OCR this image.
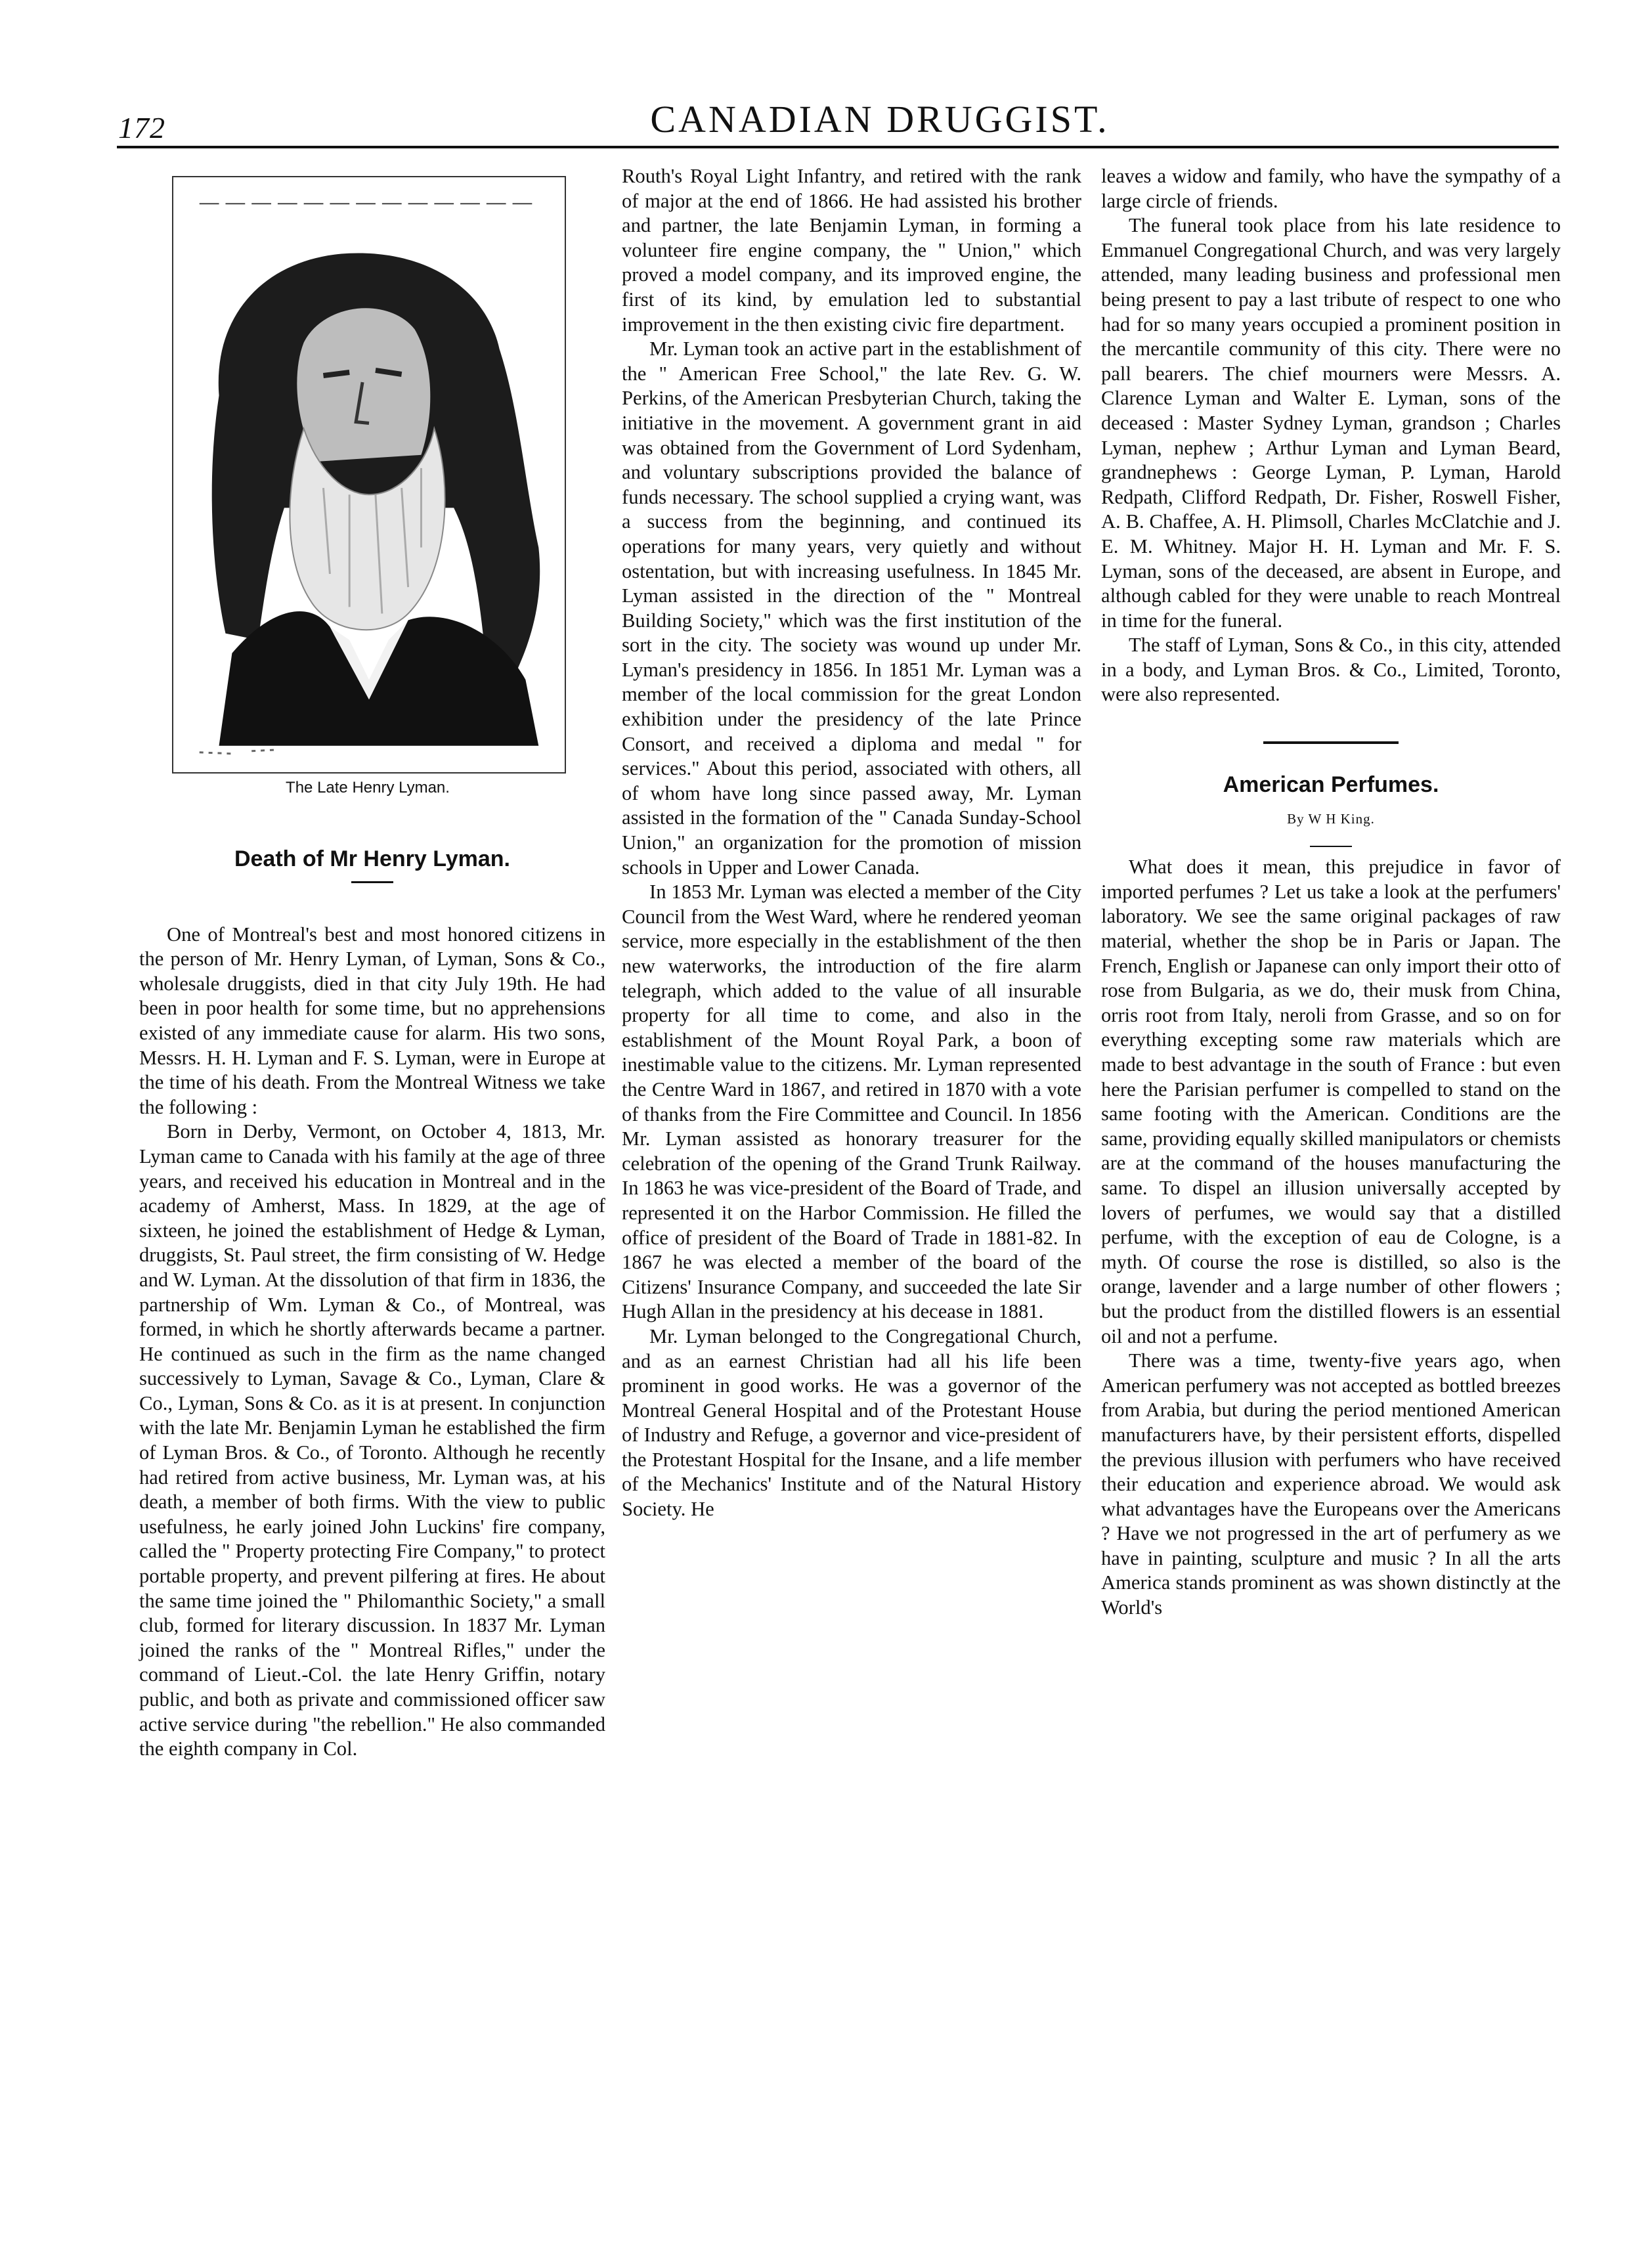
172	CANADIAN DRUGGIST.
The Late Henry Lyman.
Death of Mr Henry Lyman.

One of Montreal's best and most honored citizens in the person of Mr. Henry Lyman, of Lyman, Sons & Co., wholesale druggists, died in that city July 19th. He had been in poor health for some time, but no apprehensions existed of any immediate cause for alarm. His two sons, Messrs. H. H. Lyman and F. S. Lyman, were in Europe at the time of his death. From the Montreal Witness we take the following :

Born in Derby, Vermont, on October 4, 1813, Mr. Lyman came to Canada with his family at the age of three years, and received his education in Montreal and in the academy of Amherst, Mass. In 1829, at the age of sixteen, he joined the establishment of Hedge & Lyman, druggists, St. Paul street, the firm consisting of W. Hedge and W. Lyman. At the dissolution of that firm in 1836, the partnership of Wm. Lyman & Co., of Montreal, was formed, in which he shortly afterwards became a partner. He continued as such in the firm as the name changed successively to Lyman, Savage & Co., Lyman, Clare & Co., Lyman, Sons & Co. as it is at present. In conjunction with the late Mr. Benjamin Lyman he established the firm of Lyman Bros. & Co., of Toronto. Although he recently had retired from active business, Mr. Lyman was, at his death, a member of both firms. With the view to public usefulness, he early joined John Luckins' fire company, called the " Property protecting Fire Company," to protect portable property, and prevent pilfering at fires. He about the same time joined the " Philomanthic Society," a small club, formed for literary discussion. In 1837 Mr. Lyman joined the ranks of the " Montreal Rifles," under the command of Lieut.-Col. the late Henry Griffin, notary public, and both as private and commissioned officer saw active service during "the rebellion." He also commanded the eighth company in Col.

Routh's Royal Light Infantry, and retired with the rank of major at the end of 1866. He had assisted his brother and partner, the late Benjamin Lyman, in forming a volunteer fire engine company, the " Union," which proved a model company, and its improved engine, the first of its kind, by emulation led to substantial improvement in the then existing civic fire department.

Mr. Lyman took an active part in the establishment of the " American Free School," the late Rev. G. W. Perkins, of the American Presbyterian Church, taking the initiative in the movement. A government grant in aid was obtained from the Government of Lord Sydenham, and voluntary subscriptions provided the balance of funds necessary. The school supplied a crying want, was a success from the beginning, and continued its operations for many years, very quietly and without ostentation, but with increasing usefulness. In 1845 Mr. Lyman assisted in the direction of the " Montreal Building Society," which was the first institution of the sort in the city. The society was wound up under Mr. Lyman's presidency in 1856. In 1851 Mr. Lyman was a member of the local commission for the great London exhibition under the presidency of the late Prince Consort, and received a diploma and medal " for services." About this period, associated with others, all of whom have long since passed away, Mr. Lyman assisted in the formation of the " Canada Sunday-School Union," an organization for the promotion of mission schools in Upper and Lower Canada.

In 1853 Mr. Lyman was elected a member of the City Council from the West Ward, where he rendered yeoman service, more especially in the establishment of the then new waterworks, the introduction of the fire alarm telegraph, which added to the value of all insurable property for all time to come, and also in the establishment of the Mount Royal Park, a boon of inestimable value to the citizens. Mr. Lyman represented the Centre Ward in 1867, and retired in 1870 with a vote of thanks from the Fire Committee and Council. In 1856 Mr. Lyman assisted as honorary treasurer for the celebration of the opening of the Grand Trunk Railway. In 1863 he was vice-president of the Board of Trade, and represented it on the Harbor Commission. He filled the office of president of the Board of Trade in 1881-82. In 1867 he was elected a member of the board of the Citizens' Insurance Company, and succeeded the late Sir Hugh Allan in the presidency at his decease in 1881.

Mr. Lyman belonged to the Congregational Church, and as an earnest Christian had all his life been prominent in good works. He was a governor of the Montreal General Hospital and of the Protestant House of Industry and Refuge, a governor and vice-president of the Protestant Hospital for the Insane, and a life member of the Mechanics' Institute and of the Natural History Society. He

leaves a widow and family, who have the sympathy of a large circle of friends.

The funeral took place from his late residence to Emmanuel Congregational Church, and was very largely attended, many leading business and professional men being present to pay a last tribute of respect to one who had for so many years occupied a prominent position in the mercantile community of this city. There were no pall bearers. The chief mourners were Messrs. A. Clarence Lyman and Walter E. Lyman, sons of the deceased : Master Sydney Lyman, grandson ; Charles Lyman, nephew ; Arthur Lyman and Lyman Beard, grandnephews : George Lyman, P. Lyman, Harold Redpath, Clifford Redpath, Dr. Fisher, Roswell Fisher, A. B. Chaffee, A. H. Plimsoll, Charles McClatchie and J. E. M. Whitney. Major H. H. Lyman and Mr. F. S. Lyman, sons of the deceased, are absent in Europe, and although cabled for they were unable to reach Montreal in time for the funeral.

The staff of Lyman, Sons & Co., in this city, attended in a body, and Lyman Bros. & Co., Limited, Toronto, were also represented.

American Perfumes.
By W H King.

What does it mean, this prejudice in favor of imported perfumes ? Let us take a look at the perfumers' laboratory. We see the same original packages of raw material, whether the shop be in Paris or Japan. The French, English or Japanese can only import their otto of rose from Bulgaria, as we do, their musk from China, orris root from Italy, neroli from Grasse, and so on for everything excepting some raw materials which are made to best advantage in the south of France : but even here the Parisian perfumer is compelled to stand on the same footing with the American. Conditions are the same, providing equally skilled manipulators or chemists are at the command of the houses manufacturing the same. To dispel an illusion universally accepted by lovers of perfumes, we would say that a distilled perfume, with the exception of eau de Cologne, is a myth. Of course the rose is distilled, so also is the orange, lavender and a large number of other flowers ; but the product from the distilled flowers is an essential oil and not a perfume.

There was a time, twenty-five years ago, when American perfumery was not accepted as bottled breezes from Arabia, but during the period mentioned American manufacturers have, by their persistent efforts, dispelled the previous illusion with perfumers who have received their education and experience abroad. We would ask what advantages have the Europeans over the Americans ? Have we not progressed in the art of perfumery as we have in painting, sculpture and music ? In all the arts America stands prominent as was shown distinctly at the World's
